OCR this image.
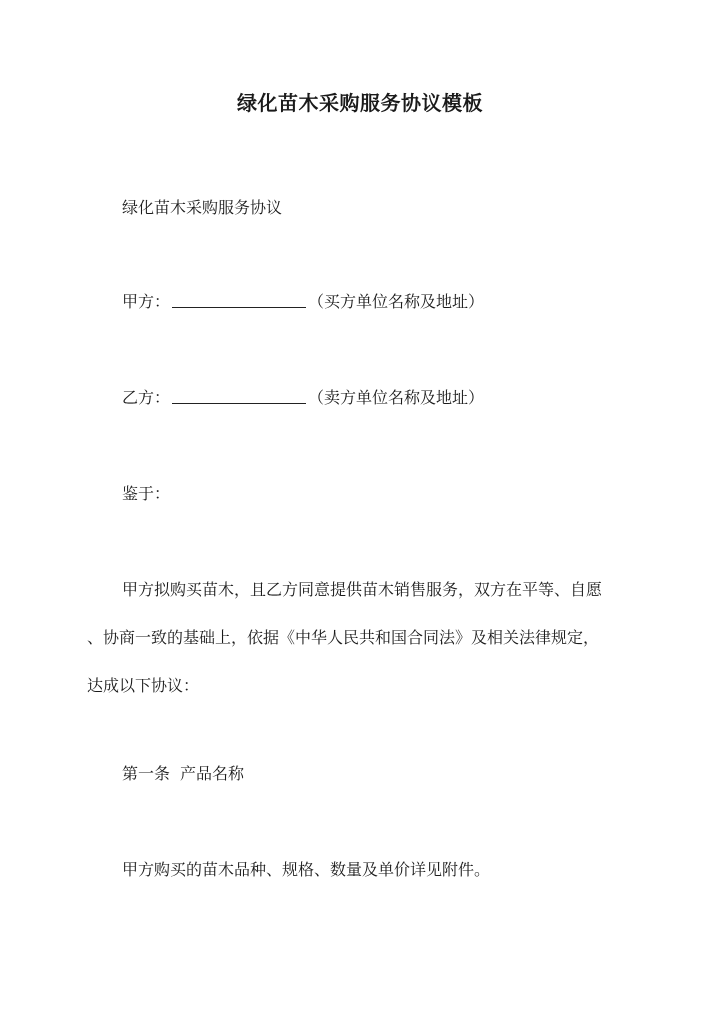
绿化苗木采购服务协议模板
绿化苗木采购服务协议
甲方：	（买方单位名称及地址）
乙方：	（卖方单位名称及地址）
鉴于：
甲方拟购买苗木，且乙方同意提供苗木销售服务，双方在平等、自愿
、协商一致的基础上，依据《中华人民共和国合同法》及相关法律规定，
达成以下协议：
第一条 产品名称
甲方购买的苗木品种、规格、数量及单价详见附件。
